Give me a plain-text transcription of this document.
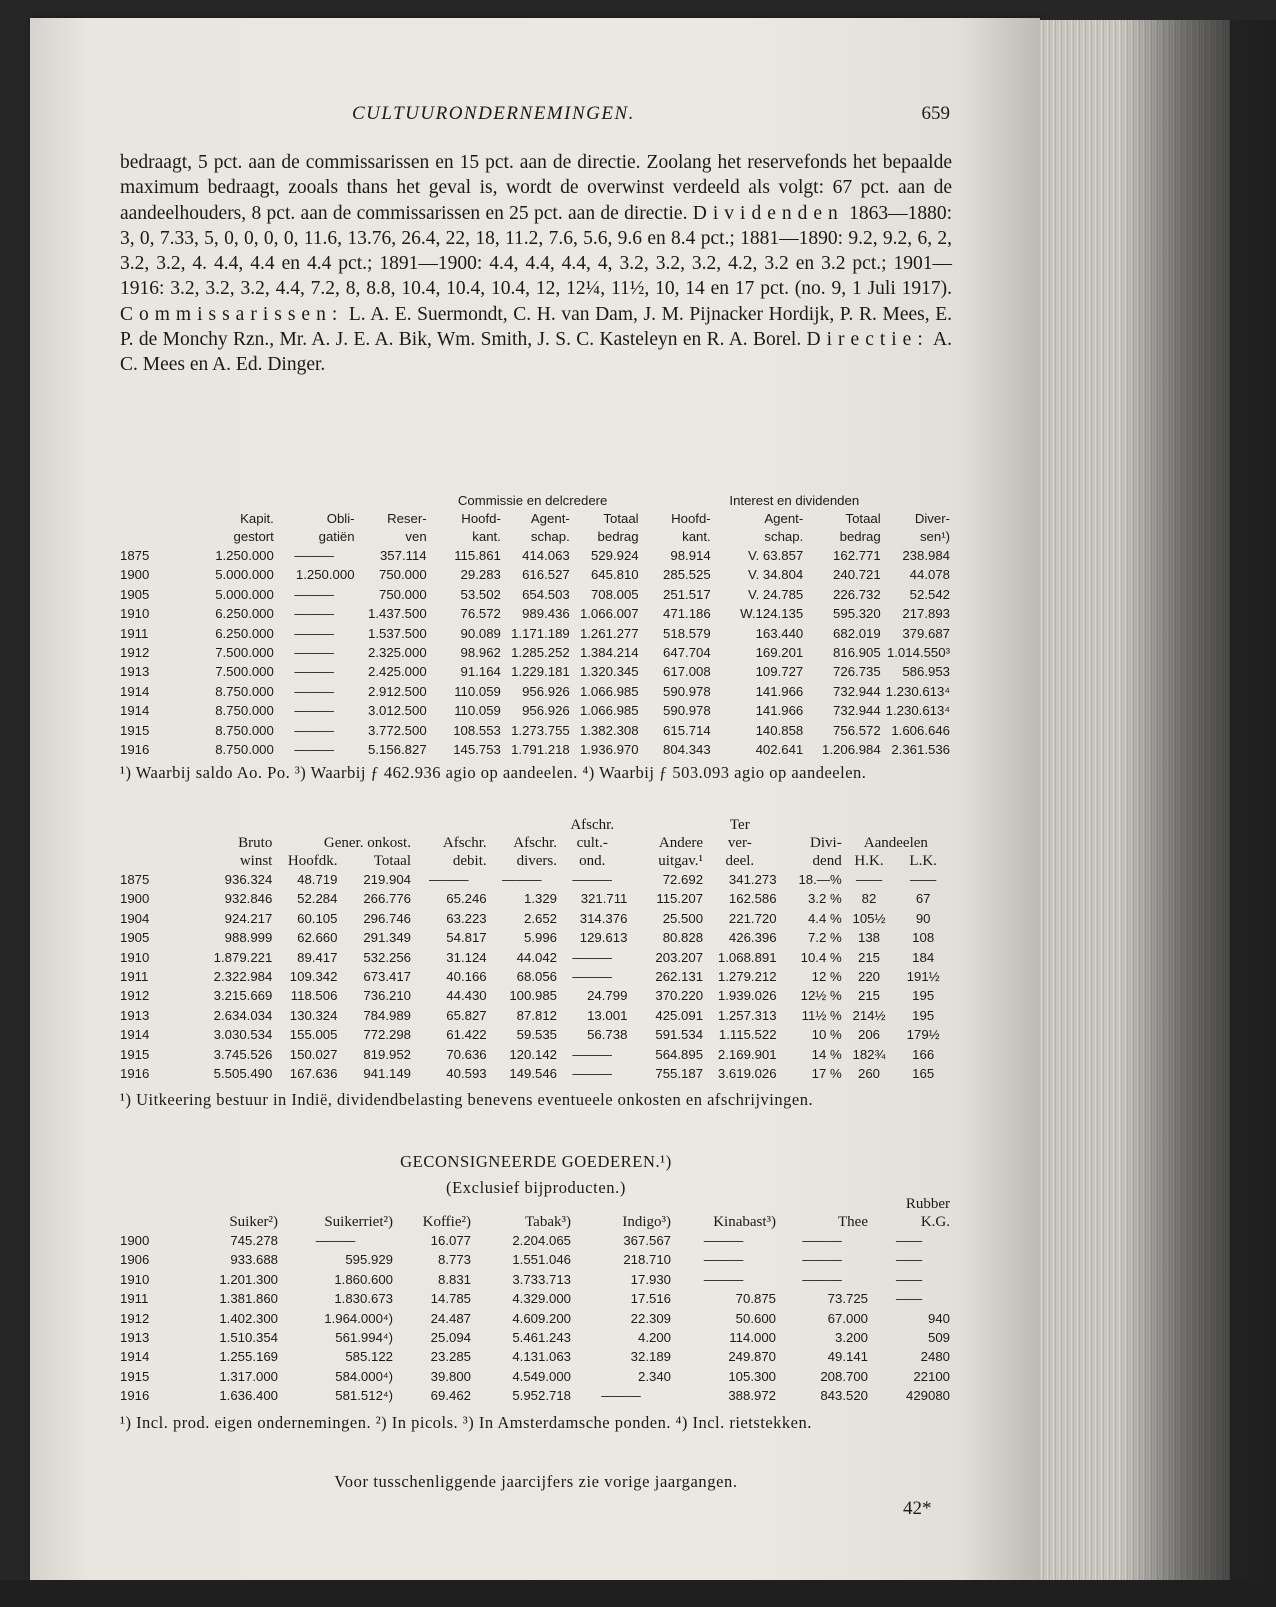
CULTUURONDERNEMINGEN.	659
bedraagt, 5 pct. aan de commissarissen en 15 pct. aan de directie. Zoolang het reservefonds het bepaalde maximum bedraagt, zooals thans het geval is, wordt de overwinst verdeeld als volgt: 67 pct. aan de aandeelhouders, 8 pct. aan de commissarissen en 25 pct. aan de directie. Dividenden 1863—1880: 3, 0, 7.33, 5, 0, 0, 0, 0, 11.6, 13.76, 26.4, 22, 18, 11.2, 7.6, 5.6, 9.6 en 8.4 pct.; 1881—1890: 9.2, 9.2, 6, 2, 3.2, 3.2, 4. 4.4, 4.4 en 4.4 pct.; 1891—1900: 4.4, 4.4, 4.4, 4, 3.2, 3.2, 3.2, 4.2, 3.2 en 3.2 pct.; 1901—1916: 3.2, 3.2, 3.2, 4.4, 7.2, 8, 8.8, 10.4, 10.4, 10.4, 12, 12¼, 11½, 10, 14 en 17 pct. (no. 9, 1 Juli 1917). Commissarissen: L. A. E. Suermondt, C. H. van Dam, J. M. Pijnacker Hordijk, P. R. Mees, E. P. de Monchy Rzn., Mr. A. J. E. A. Bik, Wm. Smith, J. S. C. Kasteleyn en R. A. Borel. Directie: A. C. Mees en A. Ed. Dinger.
				Commissie en delcredere			Interest en dividenden			
	Kapit.	Obli-	Reser-	Hoofd-	Agent-	Totaal	Hoofd-	Agent-	Totaal	Diver-
	gestort	gatiën	ven	kant.	schap.	bedrag	kant.	schap.	bedrag	sen¹)
1875	1.250.000	———	357.114	115.861	414.063	529.924	98.914	V. 63.857	162.771	238.984
1900	5.000.000	1.250.000	750.000	29.283	616.527	645.810	285.525	V. 34.804	240.721	44.078
1905	5.000.000	———	750.000	53.502	654.503	708.005	251.517	V. 24.785	226.732	52.542
1910	6.250.000	———	1.437.500	76.572	989.436	1.066.007	471.186	W.124.135	595.320	217.893
1911	6.250.000	———	1.537.500	90.089	1.171.189	1.261.277	518.579	163.440	682.019	379.687
1912	7.500.000	———	2.325.000	98.962	1.285.252	1.384.214	647.704	169.201	816.905	1.014.550³
1913	7.500.000	———	2.425.000	91.164	1.229.181	1.320.345	617.008	109.727	726.735	586.953
1914	8.750.000	———	2.912.500	110.059	956.926	1.066.985	590.978	141.966	732.944	1.230.613⁴
1914	8.750.000	———	3.012.500	110.059	956.926	1.066.985	590.978	141.966	732.944	1.230.613⁴
1915	8.750.000	———	3.772.500	108.553	1.273.755	1.382.308	615.714	140.858	756.572	1.606.646
1916	8.750.000	———	5.156.827	145.753	1.791.218	1.936.970	804.343	402.641	1.206.984	2.361.536
¹) Waarbij saldo Ao. Po. ³) Waarbij ƒ 462.936 agio op aandeelen. ⁴) Waarbij ƒ 503.093 agio op aandeelen.
						Afschr.		Ter			
	Bruto	Gener. onkost.		Afschr.	Afschr.	cult.-	Andere	ver-	Divi-	Aandeelen	
	winst	Hoofdk.	Totaal	debit.	divers.	ond.	uitgav.¹	deel.	dend	H.K.	L.K.
1875	936.324	48.719	219.904	———	———	———	72.692	341.273	18.—%	——	——
1900	932.846	52.284	266.776	65.246	1.329	321.711	115.207	162.586	3.2 %	82	67
1904	924.217	60.105	296.746	63.223	2.652	314.376	25.500	221.720	4.4 %	105½	90
1905	988.999	62.660	291.349	54.817	5.996	129.613	80.828	426.396	7.2 %	138	108
1910	1.879.221	89.417	532.256	31.124	44.042	———	203.207	1.068.891	10.4 %	215	184
1911	2.322.984	109.342	673.417	40.166	68.056	———	262.131	1.279.212	12 %	220	191½
1912	3.215.669	118.506	736.210	44.430	100.985	24.799	370.220	1.939.026	12½ %	215	195
1913	2.634.034	130.324	784.989	65.827	87.812	13.001	425.091	1.257.313	11½ %	214½	195
1914	3.030.534	155.005	772.298	61.422	59.535	56.738	591.534	1.115.522	10 %	206	179½
1915	3.745.526	150.027	819.952	70.636	120.142	———	564.895	2.169.901	14 %	182¾	166
1916	5.505.490	167.636	941.149	40.593	149.546	———	755.187	3.619.026	17 %	260	165
¹) Uitkeering bestuur in Indië, dividendbelasting benevens eventueele onkosten en afschrijvingen.
GECONSIGNEERDE GOEDEREN.¹)
(Exclusief bijproducten.)
								Rubber
	Suiker²)	Suikerriet²)	Koffie²)	Tabak³)	Indigo³)	Kinabast³)	Thee	K.G.
1900	745.278	———	16.077	2.204.065	367.567	———	———	——
1906	933.688	595.929	8.773	1.551.046	218.710	———	———	——
1910	1.201.300	1.860.600	8.831	3.733.713	17.930	———	———	——
1911	1.381.860	1.830.673	14.785	4.329.000	17.516	70.875	73.725	——
1912	1.402.300	1.964.000⁴)	24.487	4.609.200	22.309	50.600	67.000	940
1913	1.510.354	561.994⁴)	25.094	5.461.243	4.200	114.000	3.200	509
1914	1.255.169	585.122	23.285	4.131.063	32.189	249.870	49.141	2480
1915	1.317.000	584.000⁴)	39.800	4.549.000	2.340	105.300	208.700	22100
1916	1.636.400	581.512⁴)	69.462	5.952.718	———	388.972	843.520	429080
¹) Incl. prod. eigen ondernemingen. ²) In picols. ³) In Amsterdamsche ponden. ⁴) Incl. rietstekken.
Voor tusschenliggende jaarcijfers zie vorige jaargangen.
42*
